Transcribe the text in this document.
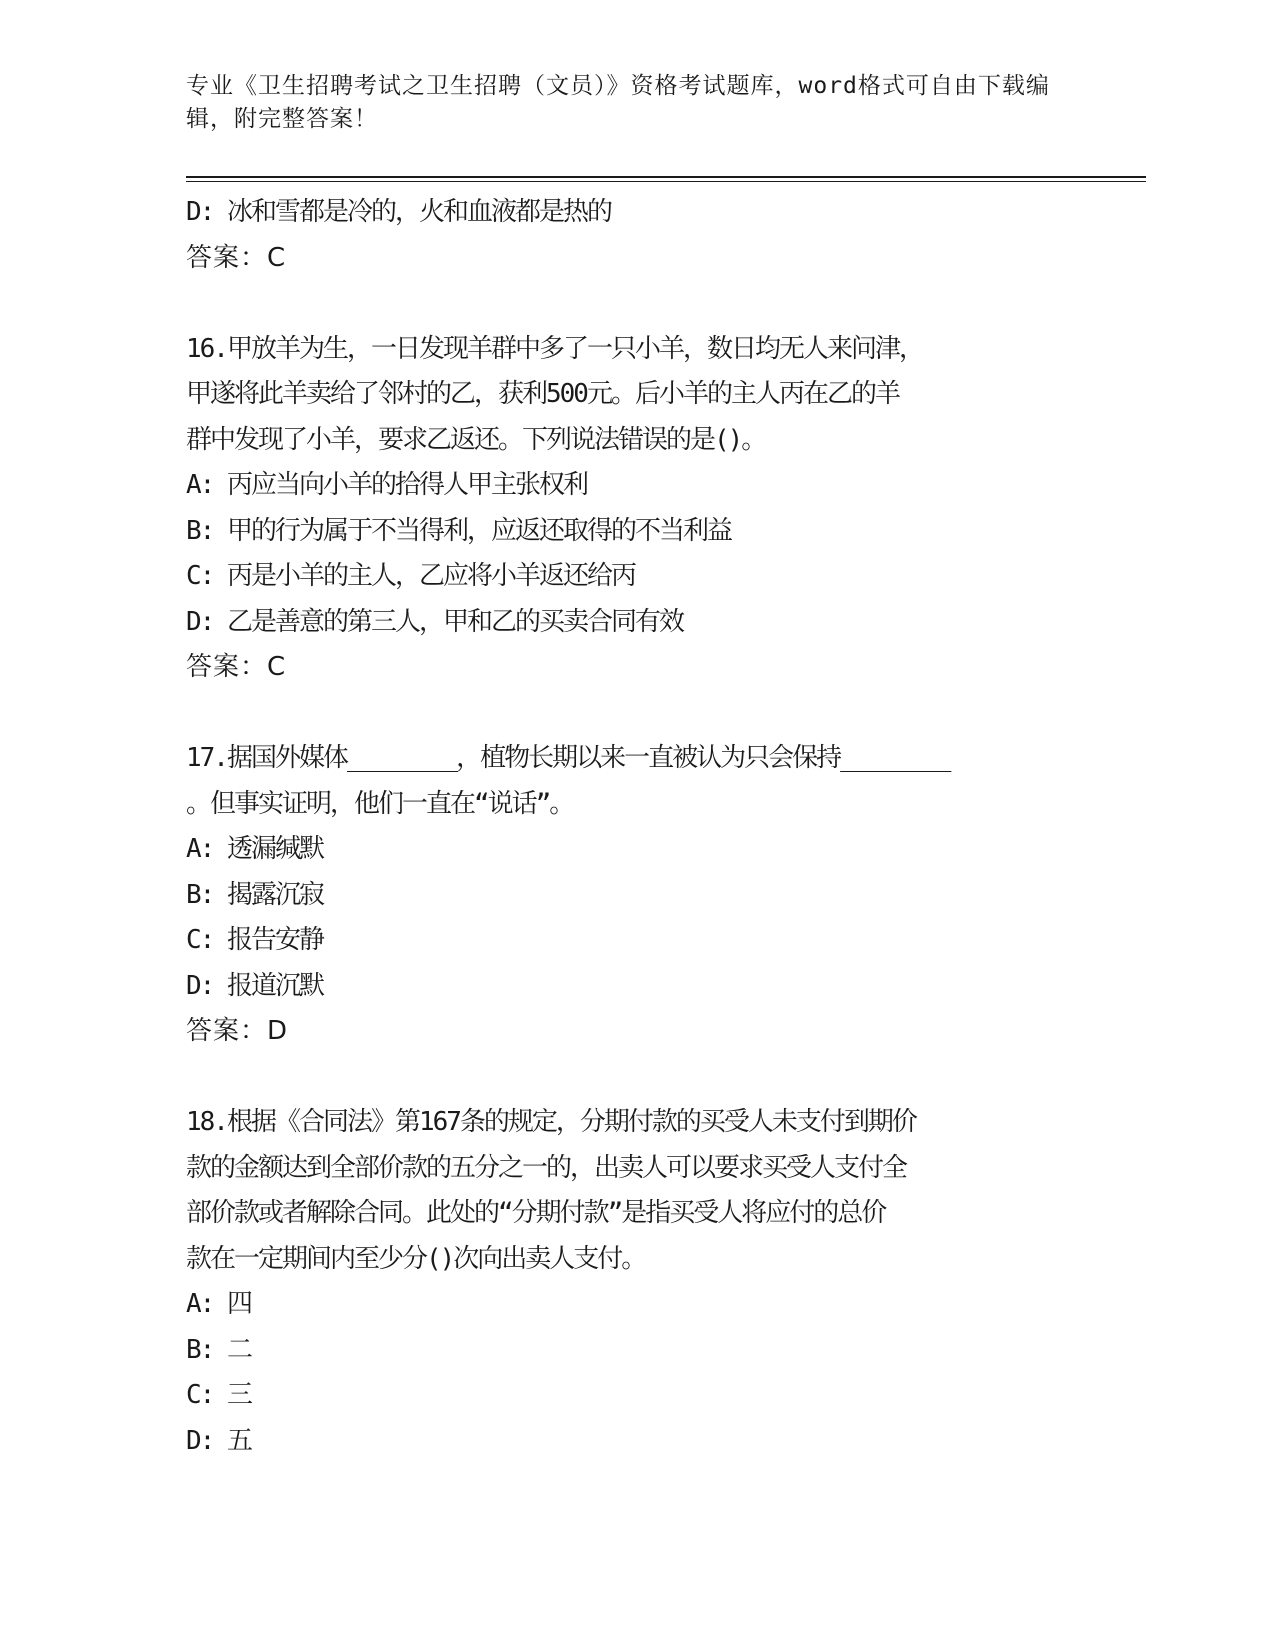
专业《卫生招聘考试之卫生招聘（文员）》资格考试题库，word格式可自由下载编辑，附完整答案！
D: 冰和雪都是冷的，火和血液都是热的
答案：C
16.甲放羊为生，一日发现羊群中多了一只小羊，数日均无人来问津，
甲遂将此羊卖给了邻村的乙，获利500元。后小羊的主人丙在乙的羊
群中发现了小羊，要求乙返还。下列说法错误的是()。
A: 丙应当向小羊的拾得人甲主张权利
B: 甲的行为属于不当得利，应返还取得的不当利益
C: 丙是小羊的主人，乙应将小羊返还给丙
D: 乙是善意的第三人，甲和乙的买卖合同有效
答案：C
17.据国外媒体________，植物长期以来一直被认为只会保持________
。但事实证明，他们一直在“说话”。
A: 透漏缄默
B: 揭露沉寂
C: 报告安静
D: 报道沉默
答案：D
18.根据《合同法》第167条的规定，分期付款的买受人未支付到期价
款的金额达到全部价款的五分之一的，出卖人可以要求买受人支付全
部价款或者解除合同。此处的“分期付款”是指买受人将应付的总价
款在一定期间内至少分()次向出卖人支付。
A: 四
B: 二
C: 三
D: 五
